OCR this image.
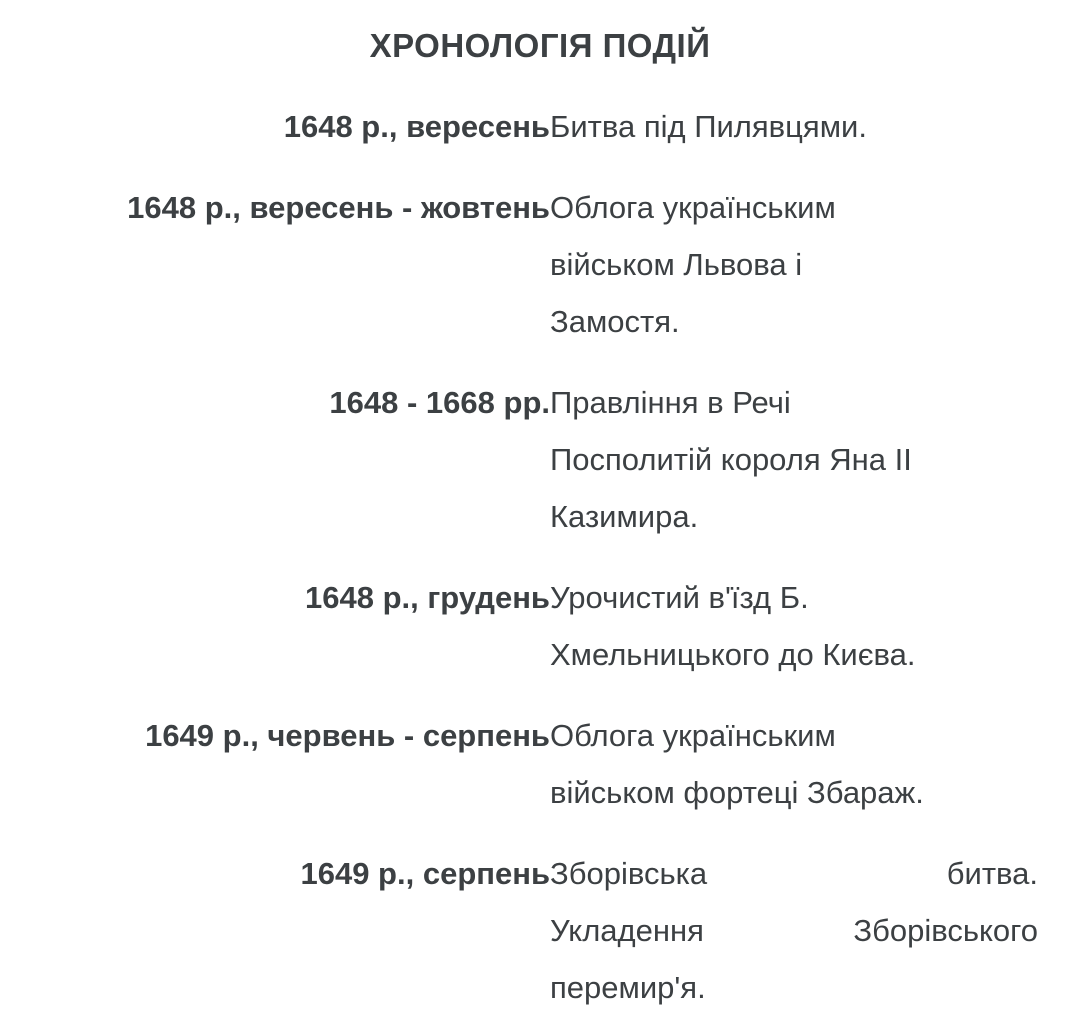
ХРОНОЛОГІЯ ПОДІЙ
1648 р., вересень Битва під Пилявцями.
1648 р., вересень - жовтень Облога українським
військом Львова і
Замостя.
1648 - 1668 рр. Правління в Речі
Посполитій короля Яна II
Казимира.
1648 р., грудень Урочистий в'їзд Б.
Хмельницького до Києва.
1649 р., червень - серпень Облога українським
військом фортеці Збараж.
1649 р., серпень Зборівська	битва.
Укладення	Зборівського
перемир'я.
